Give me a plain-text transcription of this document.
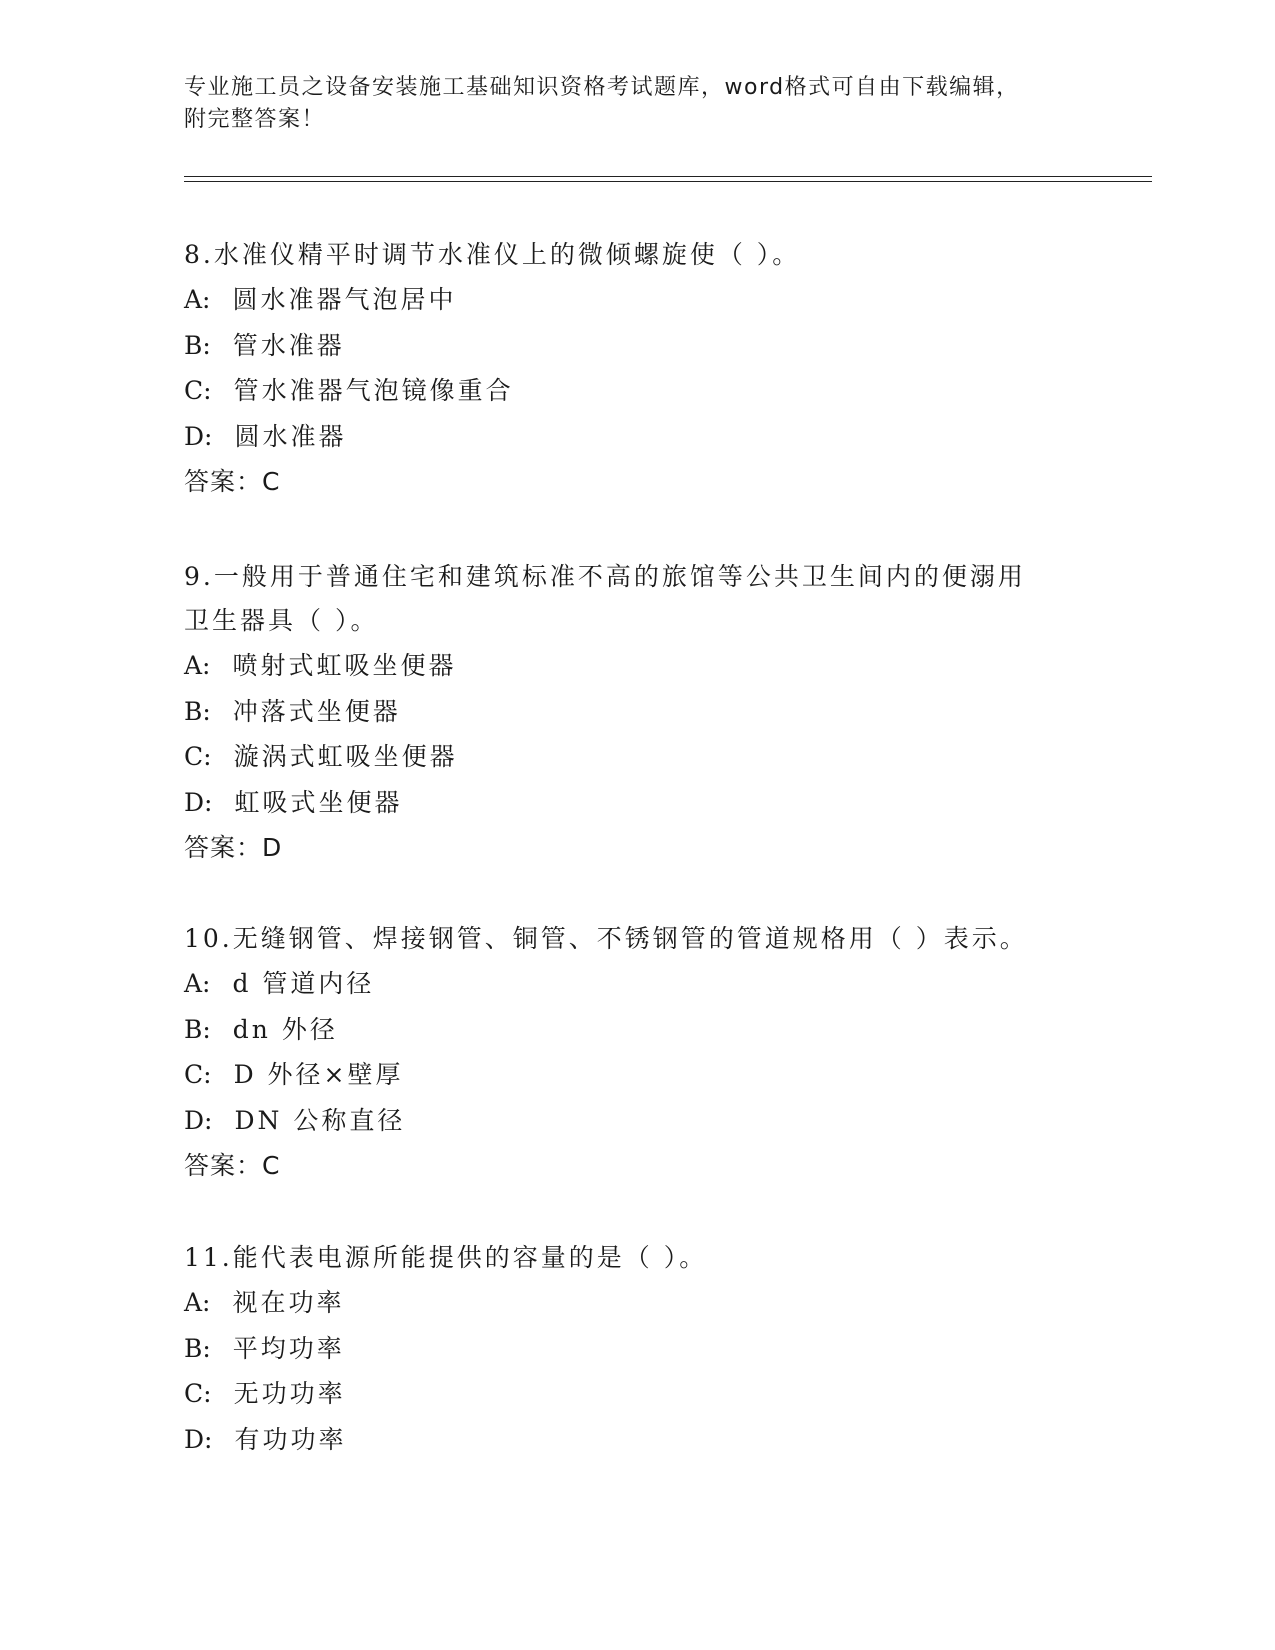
专业施工员之设备安装施工基础知识资格考试题库，word格式可自由下载编辑，
附完整答案！
8.水准仪精平时调节水准仪上的微倾螺旋使（ ）。
A: 圆水准器气泡居中
B: 管水准器
C: 管水准器气泡镜像重合
D: 圆水准器
答案：C
9.一般用于普通住宅和建筑标准不高的旅馆等公共卫生间内的便溺用
卫生器具（ ）。
A: 喷射式虹吸坐便器
B: 冲落式坐便器
C: 漩涡式虹吸坐便器
D: 虹吸式坐便器
答案：D
10.无缝钢管、焊接钢管、铜管、不锈钢管的管道规格用（ ）表示。
A: d 管道内径
B: dn 外径
C: D 外径×壁厚
D: DN 公称直径
答案：C
11.能代表电源所能提供的容量的是（ ）。
A: 视在功率
B: 平均功率
C: 无功功率
D: 有功功率
